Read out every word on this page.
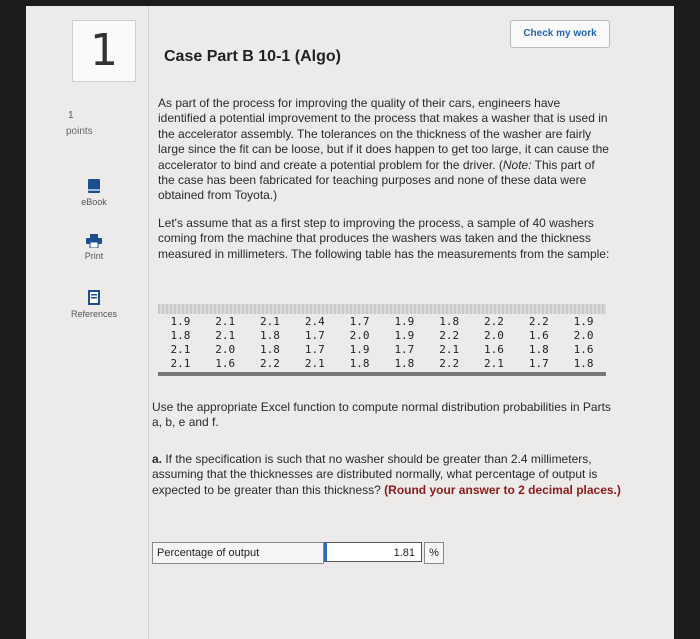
1
1
points
eBook
Print
References
Check my work
Case Part B 10-1 (Algo)
As part of the process for improving the quality of their cars, engineers have identified a potential improvement to the process that makes a washer that is used in the accelerator assembly. The tolerances on the thickness of the washer are fairly large since the fit can be loose, but if it does happen to get too large, it can cause the accelerator to bind and create a potential problem for the driver. (Note: This part of the case has been fabricated for teaching purposes and none of these data were obtained from Toyota.)
Let's assume that as a first step to improving the process, a sample of 40 washers coming from the machine that produces the washers was taken and the thickness measured in millimeters. The following table has the measurements from the sample:
1.9	2.1	2.1	2.4	1.7	1.9	1.8	2.2	2.2	1.9
1.8	2.1	1.8	1.7	2.0	1.9	2.2	2.0	1.6	2.0
2.1	2.0	1.8	1.7	1.9	1.7	2.1	1.6	1.8	1.6
2.1	1.6	2.2	2.1	1.8	1.8	2.2	2.1	1.7	1.8
Use the appropriate Excel function to compute normal distribution probabilities in Parts a, b, e and f.
a. If the specification is such that no washer should be greater than 2.4 millimeters, assuming that the thicknesses are distributed normally, what percentage of output is expected to be greater than this thickness? (Round your answer to 2 decimal places.)
Percentage of output	1.81	%
